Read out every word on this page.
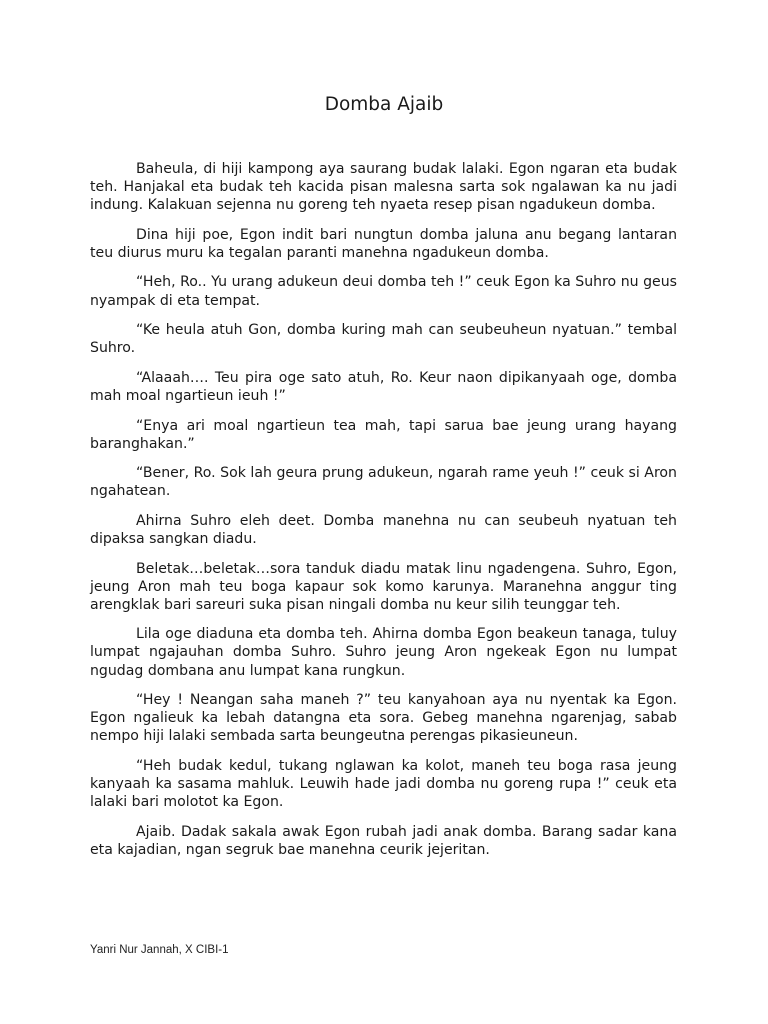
Domba Ajaib

Baheula, di hiji kampong aya saurang budak lalaki. Egon ngaran eta budak teh. Hanjakal eta budak teh kacida pisan malesna sarta sok ngalawan ka nu jadi indung. Kalakuan sejenna nu goreng teh nyaeta resep pisan ngadukeun domba.

Dina hiji poe, Egon indit bari nungtun domba jaluna anu begang lantaran teu diurus muru ka tegalan paranti manehna ngadukeun domba.

“Heh, Ro.. Yu urang adukeun deui domba teh !” ceuk Egon ka Suhro nu geus nyampak di eta tempat.

“Ke heula atuh Gon, domba kuring mah can seubeuheun nyatuan.” tembal Suhro.

“Alaaah…. Teu pira oge sato atuh, Ro. Keur naon dipikanyaah oge, domba mah moal ngartieun ieuh !”

“Enya ari moal ngartieun tea mah, tapi sarua bae jeung urang hayang baranghakan.”

“Bener, Ro. Sok lah geura prung adukeun, ngarah rame yeuh !” ceuk si Aron ngahatean.

Ahirna Suhro eleh deet. Domba manehna nu can seubeuh nyatuan teh dipaksa sangkan diadu.

Beletak…beletak…sora tanduk diadu matak linu ngadengena. Suhro, Egon, jeung Aron mah teu boga kapaur sok komo karunya. Maranehna anggur ting arengklak bari sareuri suka pisan ningali domba nu keur silih teunggar teh.

Lila oge diaduna eta domba teh. Ahirna domba Egon beakeun tanaga, tuluy lumpat ngajauhan domba Suhro. Suhro jeung Aron ngekeak Egon nu lumpat ngudag dombana anu lumpat kana rungkun.

“Hey ! Neangan saha maneh ?” teu kanyahoan aya nu nyentak ka Egon. Egon ngalieuk ka lebah datangna eta sora. Gebeg manehna ngarenjag, sabab nempo hiji lalaki sembada sarta beungeutna perengas pikasieuneun.

“Heh budak kedul, tukang nglawan ka kolot, maneh teu boga rasa jeung kanyaah ka sasama mahluk. Leuwih hade jadi domba nu goreng rupa !” ceuk eta lalaki bari molotot ka Egon.

Ajaib. Dadak sakala awak Egon rubah jadi anak domba. Barang sadar kana eta kajadian, ngan segruk bae manehna ceurik jejeritan.

Yanri Nur Jannah, X CIBI-1
